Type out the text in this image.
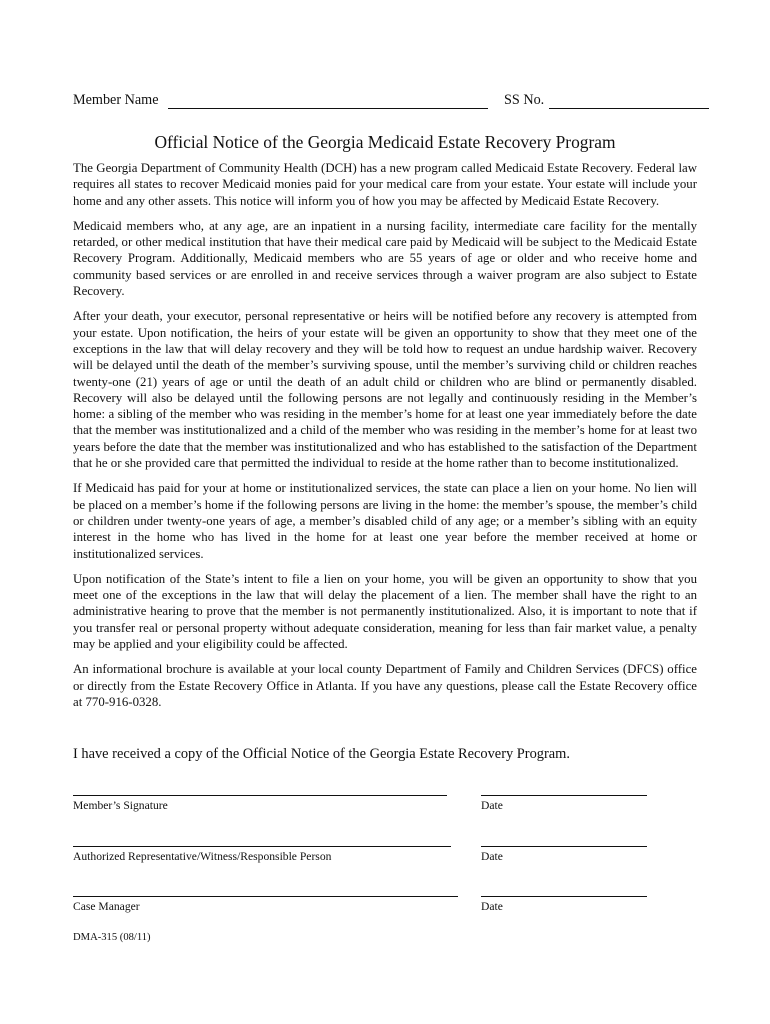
Member Name	SS No.
Official Notice of the Georgia Medicaid Estate Recovery Program

The Georgia Department of Community Health (DCH) has a new program called Medicaid Estate Recovery. Federal law requires all states to recover Medicaid monies paid for your medical care from your estate. Your estate will include your home and any other assets. This notice will inform you of how you may be affected by Medicaid Estate Recovery.

Medicaid members who, at any age, are an inpatient in a nursing facility, intermediate care facility for the mentally retarded, or other medical institution that have their medical care paid by Medicaid will be subject to the Medicaid Estate Recovery Program. Additionally, Medicaid members who are 55 years of age or older and who receive home and community based services or are enrolled in and receive services through a waiver program are also subject to Estate Recovery.

After your death, your executor, personal representative or heirs will be notified before any recovery is attempted from your estate. Upon notification, the heirs of your estate will be given an opportunity to show that they meet one of the exceptions in the law that will delay recovery and they will be told how to request an undue hardship waiver. Recovery will be delayed until the death of the member’s surviving spouse, until the member’s surviving child or children reaches twenty-one (21) years of age or until the death of an adult child or children who are blind or permanently disabled. Recovery will also be delayed until the following persons are not legally and continuously residing in the Member’s home: a sibling of the member who was residing in the member’s home for at least one year immediately before the date that the member was institutionalized and a child of the member who was residing in the member’s home for at least two years before the date that the member was institutionalized and who has established to the satisfaction of the Department that he or she provided care that permitted the individual to reside at the home rather than to become institutionalized.

If Medicaid has paid for your at home or institutionalized services, the state can place a lien on your home. No lien will be placed on a member’s home if the following persons are living in the home: the member’s spouse, the member’s child or children under twenty-one years of age, a member’s disabled child of any age; or a member’s sibling with an equity interest in the home who has lived in the home for at least one year before the member received at home or institutionalized services.

Upon notification of the State’s intent to file a lien on your home, you will be given an opportunity to show that you meet one of the exceptions in the law that will delay the placement of a lien. The member shall have the right to an administrative hearing to prove that the member is not permanently institutionalized. Also, it is important to note that if you transfer real or personal property without adequate consideration, meaning for less than fair market value, a penalty may be applied and your eligibility could be affected.

An informational brochure is available at your local county Department of Family and Children Services (DFCS) office or directly from the Estate Recovery Office in Atlanta. If you have any questions, please call the Estate Recovery office at 770-916-0328.

I have received a copy of the Official Notice of the Georgia Estate Recovery Program.
Member’s Signature	Date
Authorized Representative/Witness/Responsible Person	Date
Case Manager	Date
DMA-315 (08/11)
